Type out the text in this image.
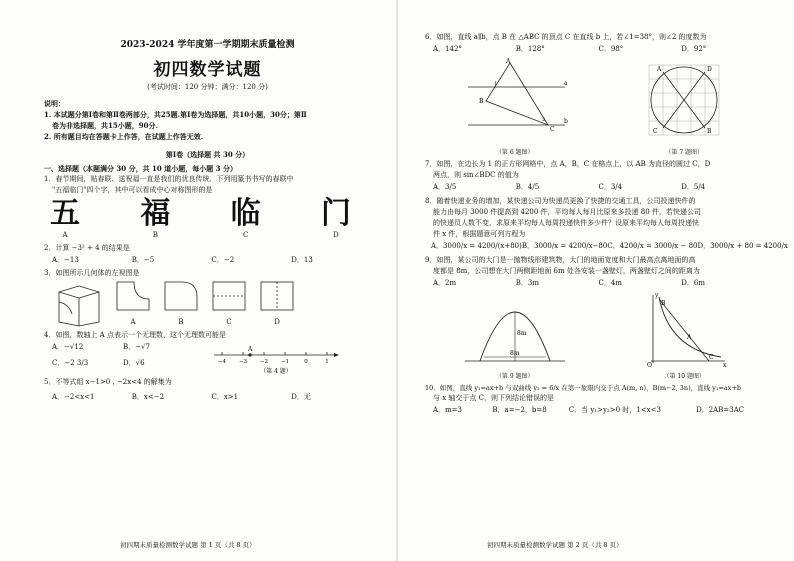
2023-2024 学年度第一学期期末质量检测
初四数学试题
(考试时间：120 分钟；满分：120 分)
说明：
1. 本试题分第Ⅰ卷和第Ⅱ卷两部分，共25题.第Ⅰ卷为选择题，共10小题，30分；第Ⅱ
卷为非选择题，共15小题，90分.
2. 所有题目均在答题卡上作答，在试题上作答无效.
第Ⅰ卷（选择题 共 30 分）
一、选择题（本题满分 30 分，共 10 道小题，每小题 3 分）
1．春节期间，贴春联、送祝福一直是我们的优良传统．下列用篆书书写的春联中
"五福临门"四个字，其中可以看成中心对称图形的是
五
A
福
B
临
C
门
D
2．计算 −3² + 4 的结果是
A．−13	B．−5	C．−2	D．13
3．如图所示几何体的左视图是
A	B	C	D
4．如图，数轴上 A 点表示一个无理数，这个无理数可能是
A．−√12	B．−√7
C．−2 3/3	D．√6	−4 −3 −2 −1	0	1
A
（第 4 题）
5．不等式组 x−1>0 , −2x<4 的解集为
A．−2<x<1	B．x<−2	C．x>1	D．无
初四期末质量检测数学试题 第 1 页（共 8 页）
6．如图，直线 a∥b，点 B 在 △ABC 的顶点 C 在直线 b 上，若∠1=38°，则∠2 的度数为
A．142°	B．128°	C．98°	D．92°
A
B
C
a
b
1
2
（第 6 题图）
A	D
C	B
（第 7 题图）
7．如图，在边长为 1 的正方形网格中，点 A，B，C 在格点上，以 AB 为直径的圆过 C，D
两点，则 sin∠BDC 的值为
A．3/5	B．4/5	C．3/4	D．5/4
8．随着快递业务的增加，某快递公司为快递员更换了快捷的交通工具，公司投递快件的
能力由每月 3000 件提高到 4200 件，平均每人每月比原来多投递 80 件，若快递公司
的快递员人数不变，求原来平均每人每周投递快件多少件？设原来平均每人每周投递快
件 x 件，根据题意可列方程为
A．3000/x = 4200/(x+80) B．3000/x = 4200/x−80 C．4200/x = 3000/x − 80 D．3000/x + 80 = 4200/x
9．如图，某公司的大门是一抛物线形建筑物，大门的地面宽度和大门最高点离地面的高
度都是 8m，公司想在大门两侧距地面 6m 处各安装一盏壁灯，两盏壁灯之间的距离为
A．2m	B．3m	C．4m	D．6m
8m
8m
（第 9 题图）
B
A
C
O	x
y
（第 10 题图）
10．如图，直线 y₁=ax+b 与双曲线 y₂ = 6/x 在第一象限内交于点 A(m, n)，B(m−2, 3n)，直线 y₁=ax+b
与 x 轴交于点 C，则下列结论错误的是
A．m=3	B．a=−2，b=8	C．当 y₁>y₂>0 时，1<x<3	D．2AB=3AC
初四期末质量检测数学试题 第 2 页（共 8 页）
